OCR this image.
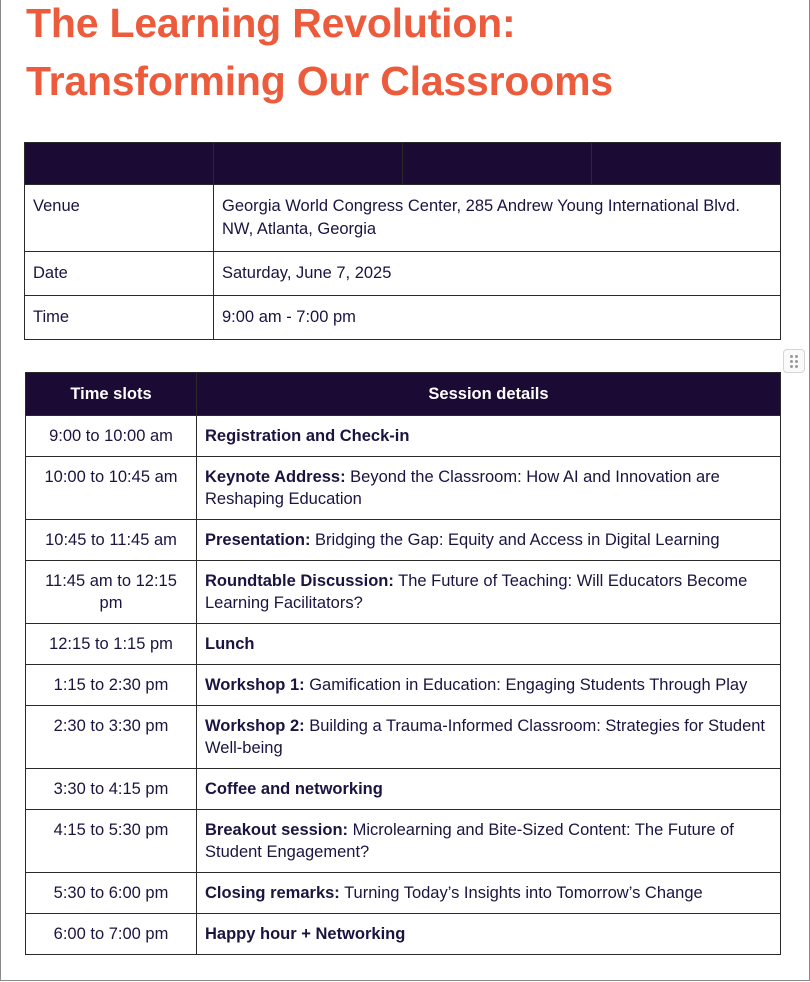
The Learning Revolution:
Transforming Our Classrooms

Venue	Georgia World Congress Center, 285 Andrew Young International Blvd. NW, Atlanta, Georgia		
Date	Saturday, June 7, 2025		
Time	9:00 am - 7:00 pm		
Time slots	Session details
9:00 to 10:00 am	Registration and Check-in
10:00 to 10:45 am	Keynote Address: Beyond the Classroom: How AI and Innovation are Reshaping Education
10:45 to 11:45 am	Presentation: Bridging the Gap: Equity and Access in Digital Learning
11:45 am to 12:15 pm	Roundtable Discussion: The Future of Teaching: Will Educators Become Learning Facilitators?
12:15 to 1:15 pm	Lunch
1:15 to 2:30 pm	Workshop 1: Gamification in Education: Engaging Students Through Play
2:30 to 3:30 pm	Workshop 2: Building a Trauma-Informed Classroom: Strategies for Student Well-being
3:30 to 4:15 pm	Coffee and networking
4:15 to 5:30 pm	Breakout session: Microlearning and Bite-Sized Content: The Future of Student Engagement?
5:30 to 6:00 pm	Closing remarks: Turning Today’s Insights into Tomorrow’s Change
6:00 to 7:00 pm	Happy hour + Networking
